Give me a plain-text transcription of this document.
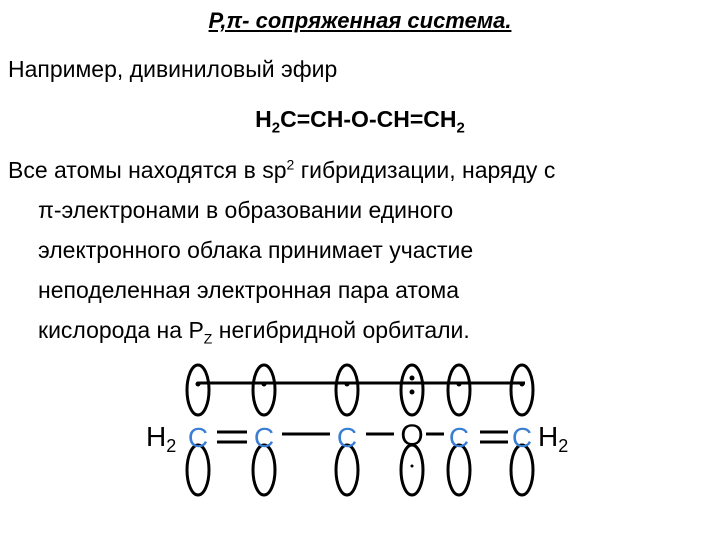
P,π- сопряженная система.
Например, дивиниловый эфир
$H_2C=CH-O-CH=CH_2$
Все атомы находятся в $sp^2$ гибридизации, наряду с
π-электронами в образовании единого
электронного облака принимает участие
неподеленная электронная пара атома
кислорода на $P_Z$ негибридной орбитали.
$H_2$ C C C O C C $H_2$
